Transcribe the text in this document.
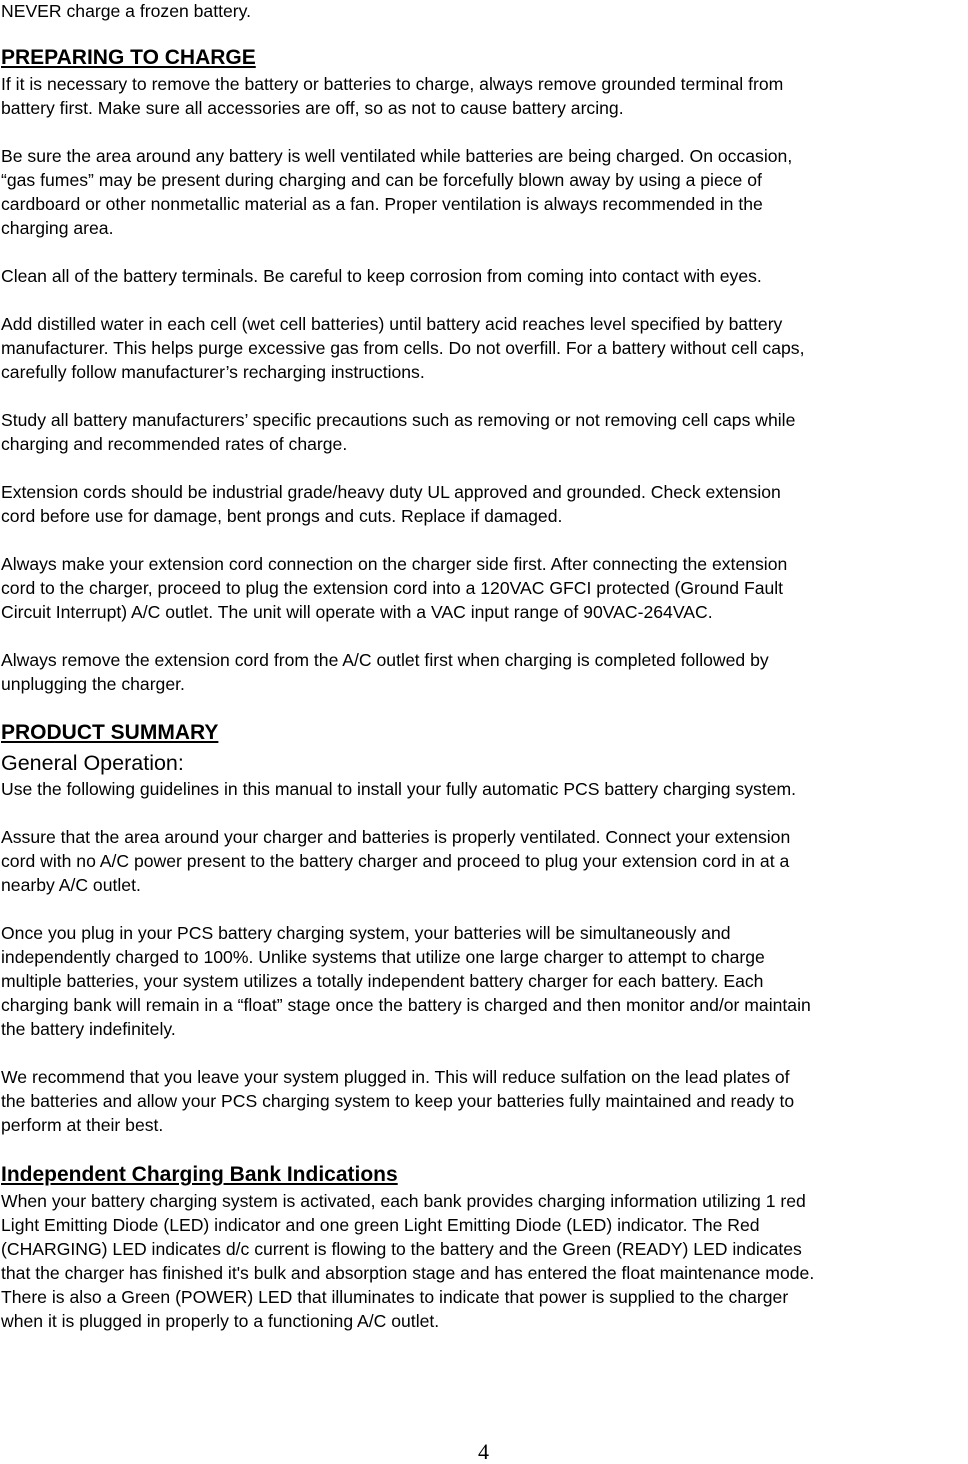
NEVER charge a frozen battery.
PREPARING TO CHARGE
If it is necessary to remove the battery or batteries to charge, always remove grounded terminal from
battery first. Make sure all accessories are off, so as not to cause battery arcing.
Be sure the area around any battery is well ventilated while batteries are being charged. On occasion,
“gas fumes” may be present during charging and can be forcefully blown away by using a piece of
cardboard or other nonmetallic material as a fan. Proper ventilation is always recommended in the
charging area.
Clean all of the battery terminals. Be careful to keep corrosion from coming into contact with eyes.
Add distilled water in each cell (wet cell batteries) until battery acid reaches level specified by battery
manufacturer. This helps purge excessive gas from cells. Do not overfill. For a battery without cell caps,
carefully follow manufacturer’s recharging instructions.
Study all battery manufacturers’ specific precautions such as removing or not removing cell caps while
charging and recommended rates of charge.
Extension cords should be industrial grade/heavy duty UL approved and grounded. Check extension
cord before use for damage, bent prongs and cuts. Replace if damaged.
Always make your extension cord connection on the charger side first. After connecting the extension
cord to the charger, proceed to plug the extension cord into a 120VAC GFCI protected (Ground Fault
Circuit Interrupt) A/C outlet. The unit will operate with a VAC input range of 90VAC-264VAC.
Always remove the extension cord from the A/C outlet first when charging is completed followed by
unplugging the charger.
PRODUCT SUMMARY
General Operation:
Use the following guidelines in this manual to install your fully automatic PCS battery charging system.
Assure that the area around your charger and batteries is properly ventilated. Connect your extension
cord with no A/C power present to the battery charger and proceed to plug your extension cord in at a
nearby A/C outlet.
Once you plug in your PCS battery charging system, your batteries will be simultaneously and
independently charged to 100%. Unlike systems that utilize one large charger to attempt to charge
multiple batteries, your system utilizes a totally independent battery charger for each battery. Each
charging bank will remain in a “float” stage once the battery is charged and then monitor and/or maintain
the battery indefinitely.
We recommend that you leave your system plugged in. This will reduce sulfation on the lead plates of
the batteries and allow your PCS charging system to keep your batteries fully maintained and ready to
perform at their best.
Independent Charging Bank Indications
When your battery charging system is activated, each bank provides charging information utilizing 1 red
Light Emitting Diode (LED) indicator and one green Light Emitting Diode (LED) indicator. The Red
(CHARGING) LED indicates d/c current is flowing to the battery and the Green (READY) LED indicates
that the charger has finished it's bulk and absorption stage and has entered the float maintenance mode.
There is also a Green (POWER) LED that illuminates to indicate that power is supplied to the charger
when it is plugged in properly to a functioning A/C outlet.
4
